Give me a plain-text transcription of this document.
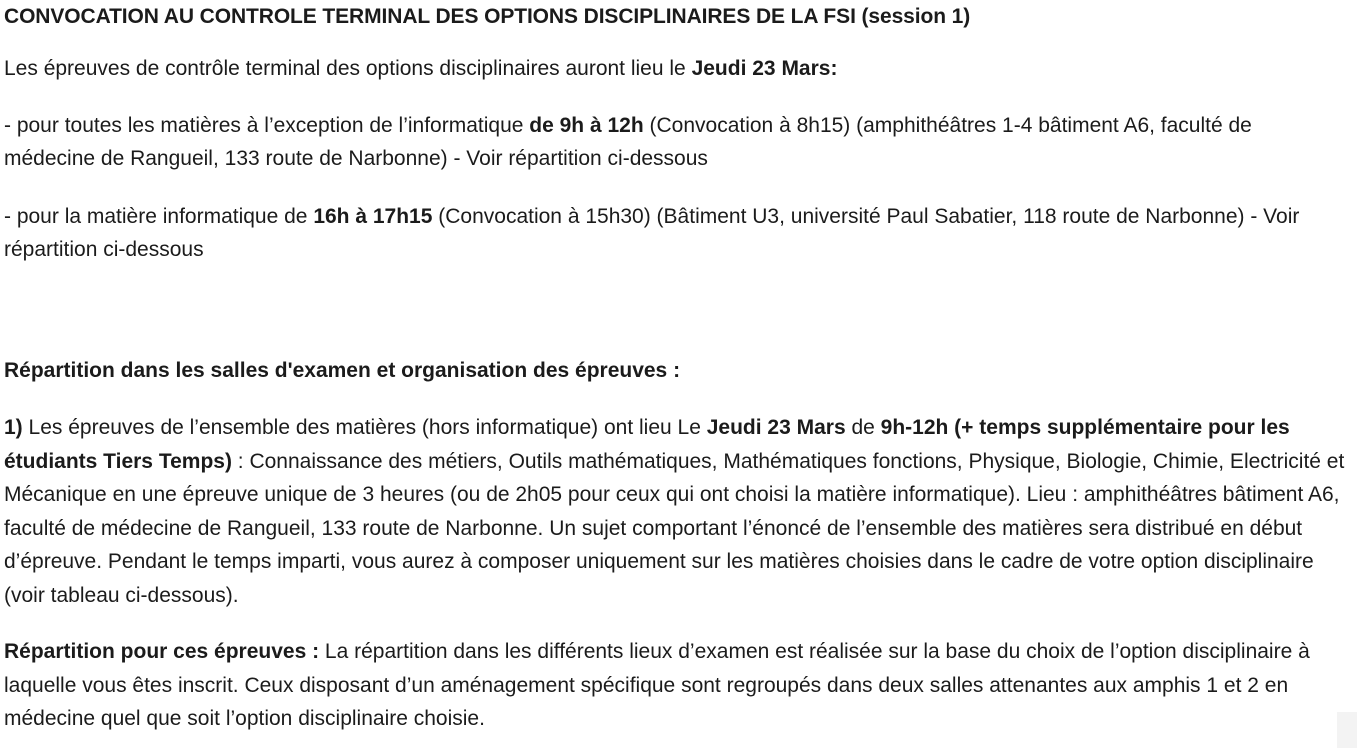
CONVOCATION AU CONTROLE TERMINAL DES OPTIONS DISCIPLINAIRES DE LA FSI (session 1)

Les épreuves de contrôle terminal des options disciplinaires auront lieu le Jeudi 23 Mars:

- pour toutes les matières à l’exception de l’informatique de 9h à 12h (Convocation à 8h15) (amphithéâtres 1-4 bâtiment A6, faculté de médecine de Rangueil, 133 route de Narbonne) - Voir répartition ci-dessous

- pour la matière informatique de 16h à 17h15 (Convocation à 15h30) (Bâtiment U3, université Paul Sabatier, 118 route de Narbonne) - Voir répartition ci-dessous

Répartition dans les salles d'examen et organisation des épreuves :

1) Les épreuves de l’ensemble des matières (hors informatique) ont lieu Le Jeudi 23 Mars de 9h-12h (+ temps supplémentaire pour les étudiants Tiers Temps) : Connaissance des métiers, Outils mathématiques, Mathématiques fonctions, Physique, Biologie, Chimie, Electricité et Mécanique en une épreuve unique de 3 heures (ou de 2h05 pour ceux qui ont choisi la matière informatique). Lieu : amphithéâtres bâtiment A6, faculté de médecine de Rangueil, 133 route de Narbonne. Un sujet comportant l’énoncé de l’ensemble des matières sera distribué en début d’épreuve. Pendant le temps imparti, vous aurez à composer uniquement sur les matières choisies dans le cadre de votre option disciplinaire (voir tableau ci-dessous).

Répartition pour ces épreuves : La répartition dans les différents lieux d’examen est réalisée sur la base du choix de l’option disciplinaire à laquelle vous êtes inscrit. Ceux disposant d’un aménagement spécifique sont regroupés dans deux salles attenantes aux amphis 1 et 2 en médecine quel que soit l’option disciplinaire choisie.
